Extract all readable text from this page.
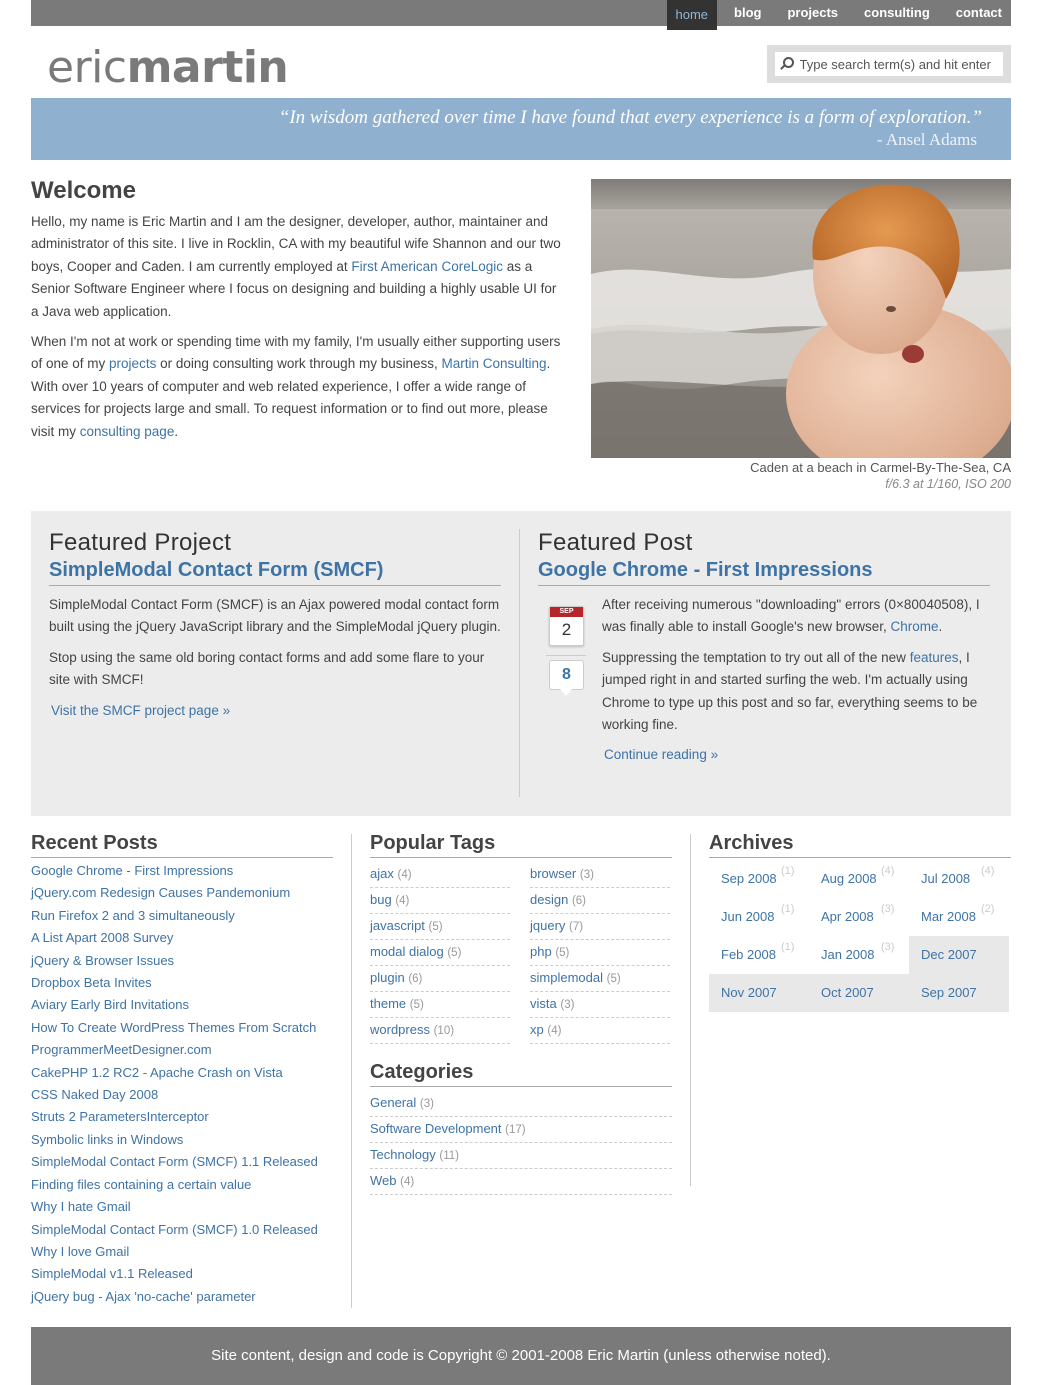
home	blog	projects	consulting	contact
ericmartin
Type search term(s) and hit enter
“In wisdom gathered over time I have found that every experience is a form of exploration.”
- Ansel Adams
Welcome

Hello, my name is Eric Martin and I am the designer, developer, author, maintainer and administrator of this site. I live in Rocklin, CA with my beautiful wife Shannon and our two boys, Cooper and Caden. I am currently employed at First American CoreLogic as a Senior Software Engineer where I focus on designing and building a highly usable UI for a Java web application.

When I'm not at work or spending time with my family, I'm usually either supporting users of one of my projects or doing consulting work through my business, Martin Consulting. With over 10 years of computer and web related experience, I offer a wide range of services for projects large and small. To request information or to find out more, please visit my consulting page.

Caden at a beach in Carmel-By-The-Sea, CA
f/6.3 at 1/160, ISO 200
Featured Project
SimpleModal Contact Form (SMCF)

SimpleModal Contact Form (SMCF) is an Ajax powered modal contact form built using the jQuery JavaScript library and the SimpleModal jQuery plugin.

Stop using the same old boring contact forms and add some flare to your site with SMCF!

Visit the SMCF project page »

Featured Post
Google Chrome - First Impressions
SEP
2
8

After receiving numerous "downloading" errors (0×80040508), I was finally able to install Google's new browser, Chrome.

Suppressing the temptation to try out all of the new features, I jumped right in and started surfing the web. I'm actually using Chrome to type up this post and so far, everything seems to be working fine.

Continue reading »

Recent Posts
Google Chrome - First Impressions
jQuery.com Redesign Causes Pandemonium
Run Firefox 2 and 3 simultaneously
A List Apart 2008 Survey
jQuery & Browser Issues
Dropbox Beta Invites
Aviary Early Bird Invitations
How To Create WordPress Themes From Scratch
ProgrammerMeetDesigner.com
CakePHP 1.2 RC2 - Apache Crash on Vista
CSS Naked Day 2008
Struts 2 ParametersInterceptor
Symbolic links in Windows
SimpleModal Contact Form (SMCF) 1.1 Released
Finding files containing a certain value
Why I hate Gmail
SimpleModal Contact Form (SMCF) 1.0 Released
Why I love Gmail
SimpleModal v1.1 Released
jQuery bug - Ajax 'no-cache' parameter
Popular Tags
ajax (4)	browser (3)
bug (4)	design (6)
javascript (5)	jquery (7)
modal dialog (5)	php (5)
plugin (6)	simplemodal (5)
theme (5)	vista (3)
wordpress (10)	xp (4)
Categories
General (3)
Software Development (17)
Technology (11)
Web (4)
Archives
Sep 2008 (1)	Aug 2008 (4)	Jul 2008 (4)
Jun 2008 (1)	Apr 2008 (3)	Mar 2008 (2)
Feb 2008 (1)	Jan 2008 (3)	Dec 2007
Nov 2007	Oct 2007	Sep 2007
Site content, design and code is Copyright © 2001-2008 Eric Martin (unless otherwise noted).
